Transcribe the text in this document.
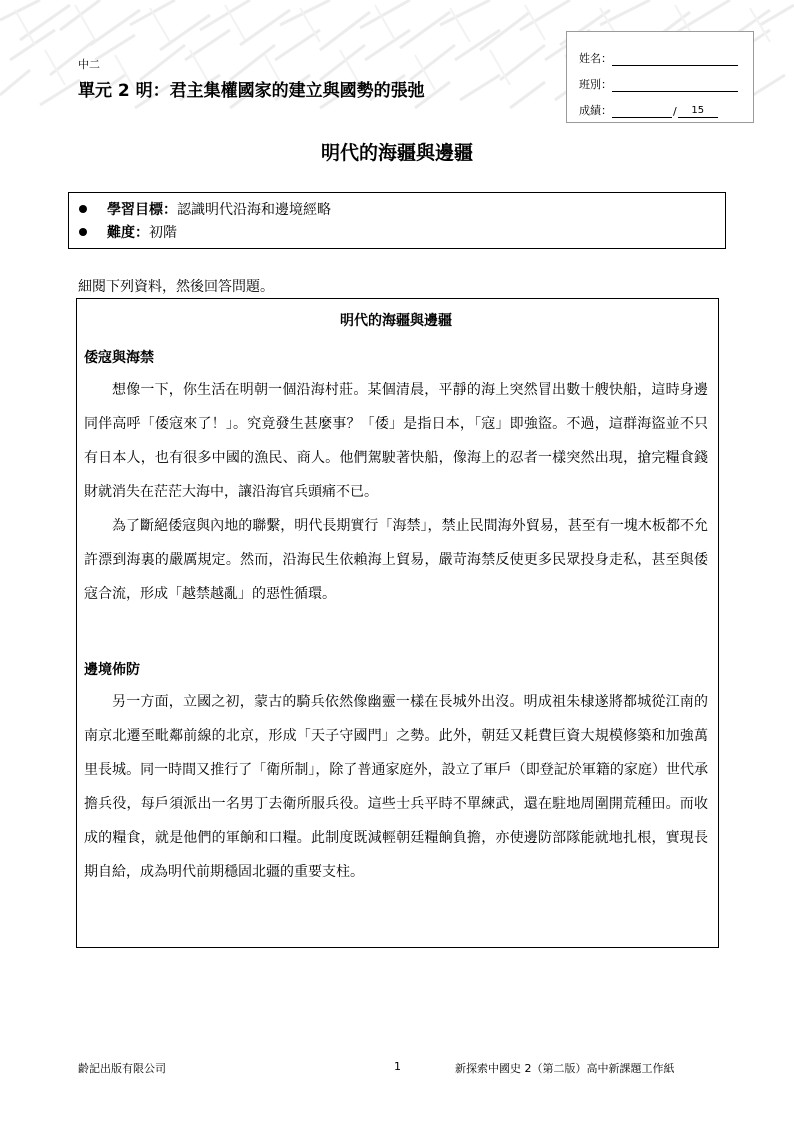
中二
單元 2 明：君主集權國家的建立與國勢的張弛
姓名：
班別：
成績：	/	15
明代的海疆與邊疆
學習目標： 認識明代沿海和邊境經略
難度： 初階
細閱下列資料，然後回答問題。
明代的海疆與邊疆
倭寇與海禁

想像一下，你生活在明朝一個沿海村莊。某個清晨，平靜的海上突然冒出數十艘快船，這時身邊同伴高呼「倭寇來了！」。究竟發生甚麼事？「倭」是指日本，「寇」即強盜。不過，這群海盜並不只有日本人，也有很多中國的漁民、商人。他們駕駛著快船，像海上的忍者一樣突然出現，搶完糧食錢財就消失在茫茫大海中，讓沿海官兵頭痛不已。

為了斷絕倭寇與內地的聯繫，明代長期實行「海禁」，禁止民間海外貿易，甚至有一塊木板都不允許漂到海裏的嚴厲規定。然而，沿海民生依賴海上貿易，嚴苛海禁反使更多民眾投身走私，甚至與倭寇合流，形成「越禁越亂」的惡性循環。

邊境佈防

另一方面，立國之初，蒙古的騎兵依然像幽靈一樣在長城外出沒。明成祖朱棣遂將都城從江南的南京北遷至毗鄰前線的北京，形成「天子守國門」之勢。此外，朝廷又耗費巨資大規模修築和加強萬里長城。同一時間又推行了「衛所制」，除了普通家庭外，設立了軍戶（即登記於軍籍的家庭）世代承擔兵役，每戶須派出一名男丁去衛所服兵役。這些士兵平時不單練武，還在駐地周圍開荒種田。而收成的糧食，就是他們的軍餉和口糧。此制度既減輕朝廷糧餉負擔，亦使邊防部隊能就地扎根，實現長期自給，成為明代前期穩固北疆的重要支柱。

齡記出版有限公司	1	新探索中國史 2（第二版）高中新課題工作紙
